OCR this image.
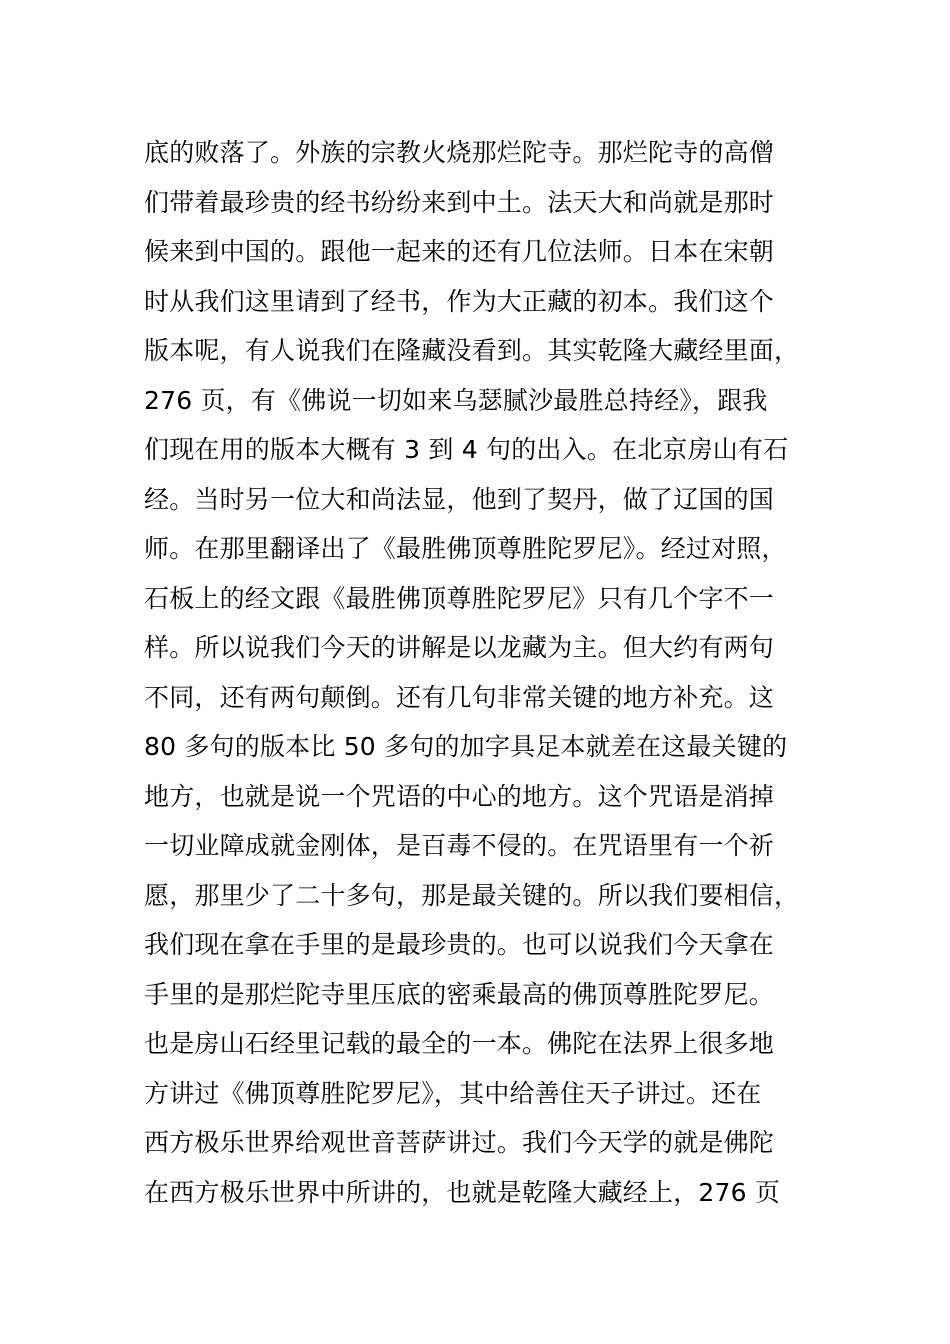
底的败落了。外族的宗教火烧那烂陀寺。那烂陀寺的高僧
们带着最珍贵的经书纷纷来到中土。法天大和尚就是那时
候来到中国的。跟他一起来的还有几位法师。日本在宋朝
时从我们这里请到了经书，作为大正藏的初本。我们这个
版本呢，有人说我们在隆藏没看到。其实乾隆大藏经里面，
276 页，有《佛说一切如来乌瑟腻沙最胜总持经》，跟我
们现在用的版本大概有 3 到 4 句的出入。在北京房山有石
经。当时另一位大和尚法显，他到了契丹，做了辽国的国
师。在那里翻译出了《最胜佛顶尊胜陀罗尼》。经过对照，
石板上的经文跟《最胜佛顶尊胜陀罗尼》只有几个字不一
样。所以说我们今天的讲解是以龙藏为主。但大约有两句
不同，还有两句颠倒。还有几句非常关键的地方补充。这
80 多句的版本比 50 多句的加字具足本就差在这最关键的
地方，也就是说一个咒语的中心的地方。这个咒语是消掉
一切业障成就金刚体，是百毒不侵的。在咒语里有一个祈
愿，那里少了二十多句，那是最关键的。所以我们要相信，
我们现在拿在手里的是最珍贵的。也可以说我们今天拿在
手里的是那烂陀寺里压底的密乘最高的佛顶尊胜陀罗尼。
也是房山石经里记载的最全的一本。佛陀在法界上很多地
方讲过《佛顶尊胜陀罗尼》，其中给善住天子讲过。还在
西方极乐世界给观世音菩萨讲过。我们今天学的就是佛陀
在西方极乐世界中所讲的，也就是乾隆大藏经上，276 页
